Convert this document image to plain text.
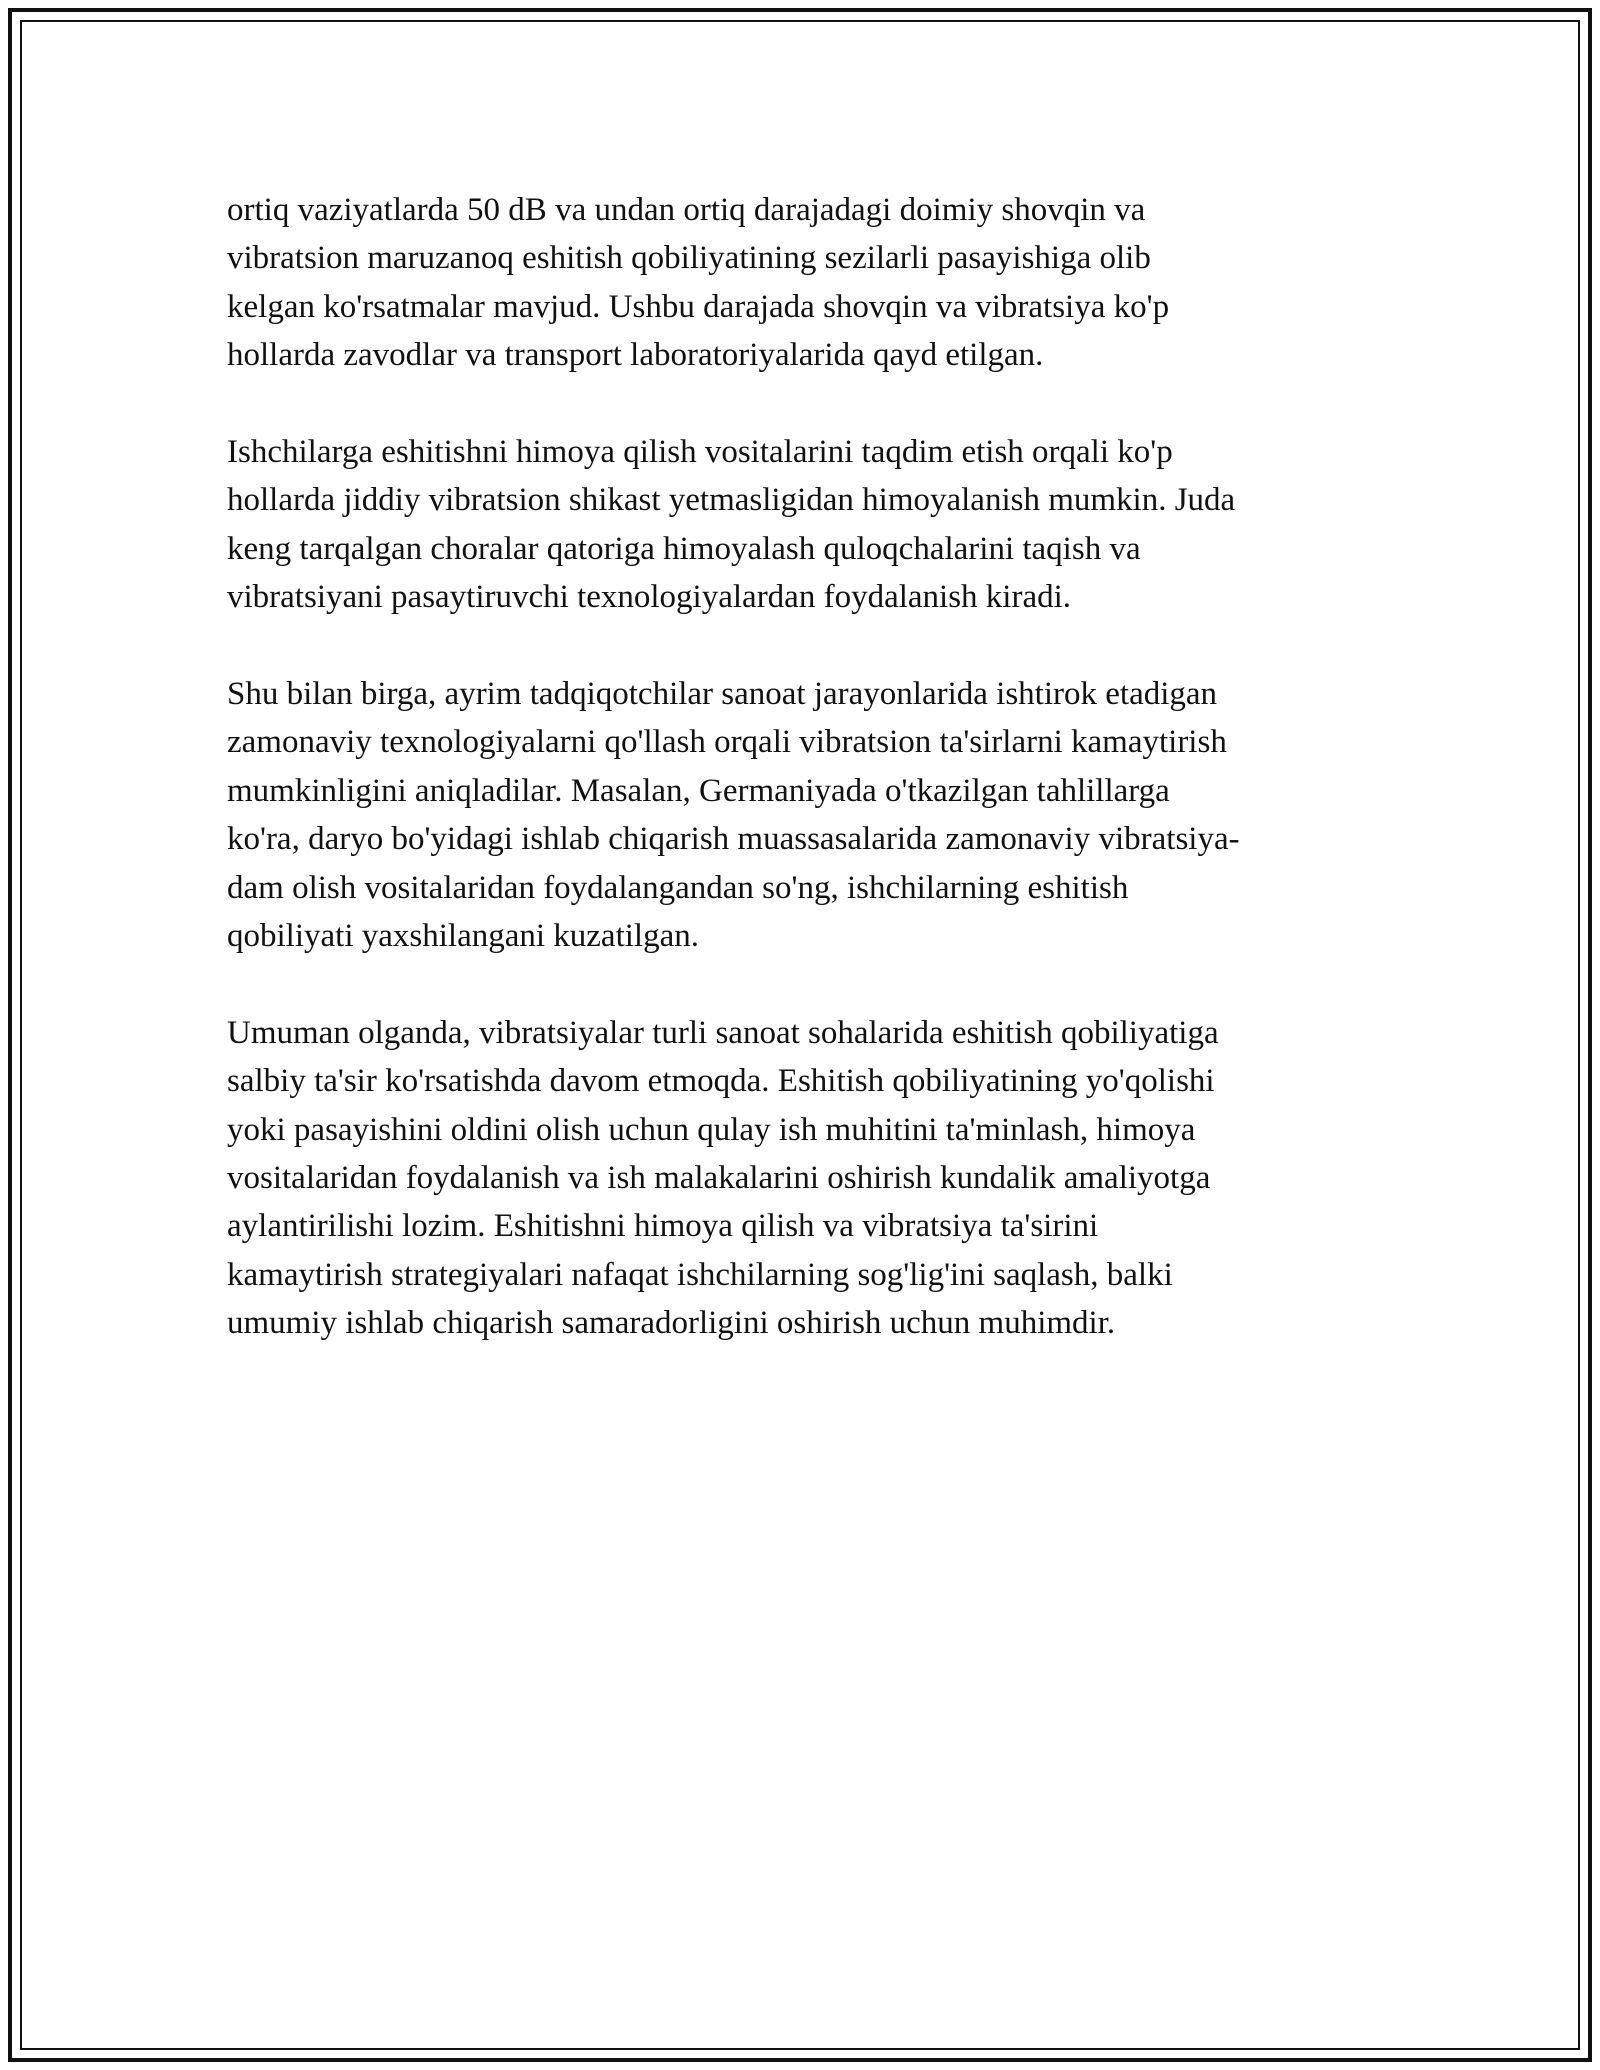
ortiq vaziyatlarda 50 dB va undan ortiq darajadagi doimiy shovqin va
vibratsion maruzanoq eshitish qobiliyatining sezilarli pasayishiga olib
kelgan ko'rsatmalar mavjud. Ushbu darajada shovqin va vibratsiya ko'p
hollarda zavodlar va transport laboratoriyalarida qayd etilgan.

Ishchilarga eshitishni himoya qilish vositalarini taqdim etish orqali ko'p
hollarda jiddiy vibratsion shikast yetmasligidan himoyalanish mumkin. Juda
keng tarqalgan choralar qatoriga himoyalash quloqchalarini taqish va
vibratsiyani pasaytiruvchi texnologiyalardan foydalanish kiradi.

Shu bilan birga, ayrim tadqiqotchilar sanoat jarayonlarida ishtirok etadigan
zamonaviy texnologiyalarni qo'llash orqali vibratsion ta'sirlarni kamaytirish
mumkinligini aniqladilar. Masalan, Germaniyada o'tkazilgan tahlillarga
ko'ra, daryo bo'yidagi ishlab chiqarish muassasalarida zamonaviy vibratsiya-
dam olish vositalaridan foydalangandan so'ng, ishchilarning eshitish
qobiliyati yaxshilangani kuzatilgan.

Umuman olganda, vibratsiyalar turli sanoat sohalarida eshitish qobiliyatiga
salbiy ta'sir ko'rsatishda davom etmoqda. Eshitish qobiliyatining yo'qolishi
yoki pasayishini oldini olish uchun qulay ish muhitini ta'minlash, himoya
vositalaridan foydalanish va ish malakalarini oshirish kundalik amaliyotga
aylantirilishi lozim. Eshitishni himoya qilish va vibratsiya ta'sirini
kamaytirish strategiyalari nafaqat ishchilarning sog'lig'ini saqlash, balki
umumiy ishlab chiqarish samaradorligini oshirish uchun muhimdir.
